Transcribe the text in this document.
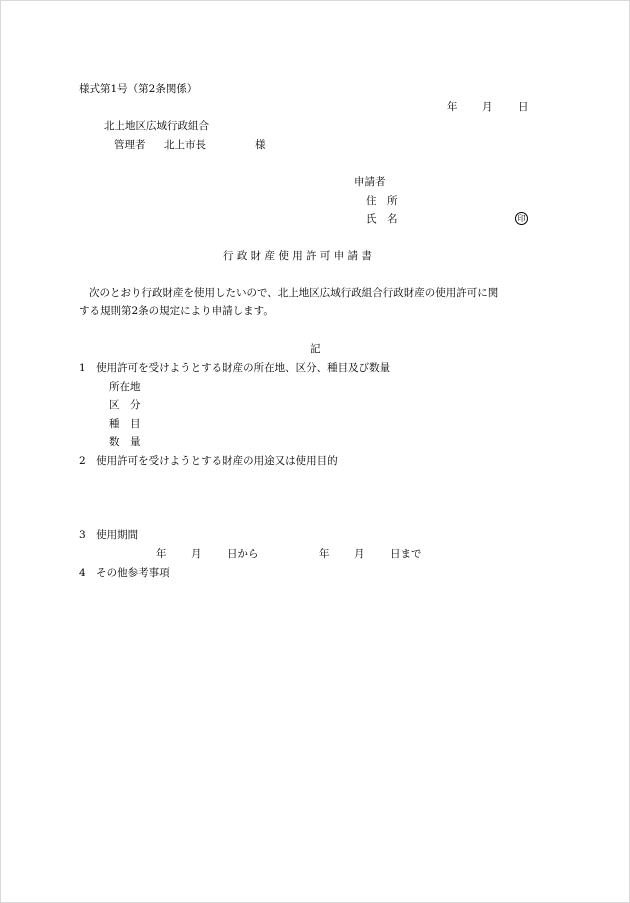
様式第1号（第2条関係）
年 月 日
北上地区広域行政組合
管理者 北上市長	様
申請者
住　所
氏　名	印
行 政 財 産 使 用 許 可 申 請 書
次のとおり行政財産を使用したいので、北上地区広域行政組合行政財産の使用許可に関
する規則第2条の規定により申請します。
記
1　使用許可を受けようとする財産の所在地、区分、種目及び数量
所在地
区　分
種　目
数　量
2　使用許可を受けようとする財産の用途又は使用目的
3　使用期間
年 月 日から	年 月 日まで
4　その他参考事項
